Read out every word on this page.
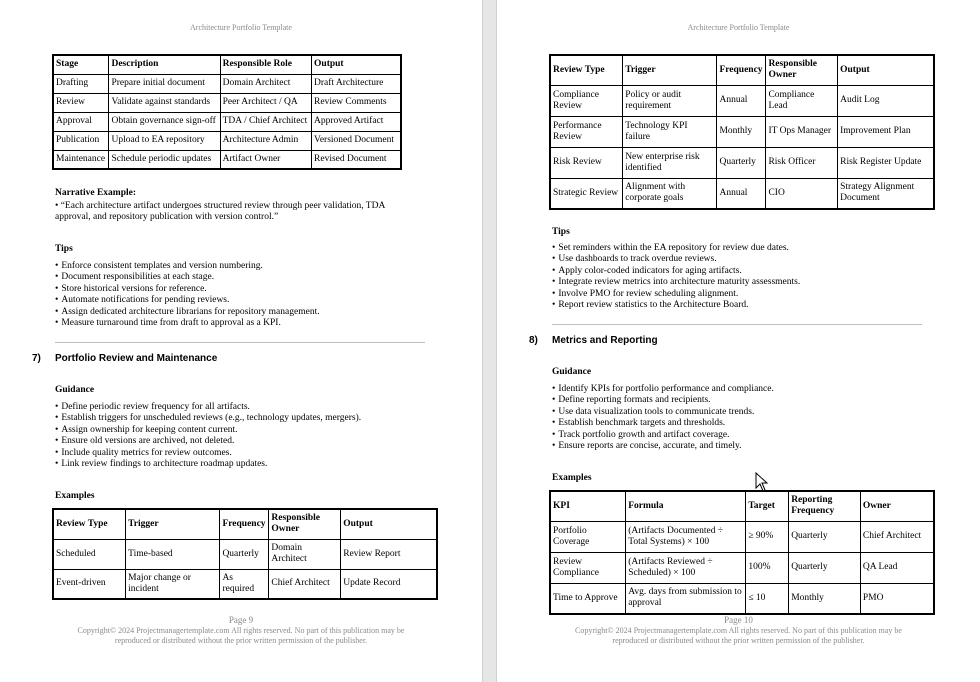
Architecture Portfolio Template
Stage	Description	Responsible Role	Output
Drafting	Prepare initial document	Domain Architect	Draft Architecture
Review	Validate against standards	Peer Architect / QA	Review Comments
Approval	Obtain governance sign-off	TDA / Chief Architect	Approved Artifact
Publication	Upload to EA repository	Architecture Admin	Versioned Document
Maintenance	Schedule periodic updates	Artifact Owner	Revised Document
Narrative Example:
• “Each architecture artifact undergoes structured review through peer validation, TDA
approval, and repository publication with version control.”
Tips
• Enforce consistent templates and version numbering.
• Document responsibilities at each stage.
• Store historical versions for reference.
• Automate notifications for pending reviews.
• Assign dedicated architecture librarians for repository management.
• Measure turnaround time from draft to approval as a KPI.
7) Portfolio Review and Maintenance
Guidance
• Define periodic review frequency for all artifacts.
• Establish triggers for unscheduled reviews (e.g., technology updates, mergers).
• Assign ownership for keeping content current.
• Ensure old versions are archived, not deleted.
• Include quality metrics for review outcomes.
• Link review findings to architecture roadmap updates.
Examples
Review Type	Trigger	Frequency	Responsible Owner	Output
Scheduled	Time-based	Quarterly	Domain Architect	Review Report
Event-driven	Major change or incident	As required	Chief Architect	Update Record
Page 9
Copyright© 2024 Projectmanagertemplate.com All rights reserved. No part of this publication may be
reproduced or distributed without the prior written permission of the publisher.
Architecture Portfolio Template
Review Type	Trigger	Frequency	Responsible Owner	Output
Compliance Review	Policy or audit requirement	Annual	Compliance Lead	Audit Log
Performance Review	Technology KPI failure	Monthly	IT Ops Manager	Improvement Plan
Risk Review	New enterprise risk identified	Quarterly	Risk Officer	Risk Register Update
Strategic Review	Alignment with corporate goals	Annual	CIO	Strategy Alignment Document
Tips
• Set reminders within the EA repository for review due dates.
• Use dashboards to track overdue reviews.
• Apply color-coded indicators for aging artifacts.
• Integrate review metrics into architecture maturity assessments.
• Involve PMO for review scheduling alignment.
• Report review statistics to the Architecture Board.
8) Metrics and Reporting
Guidance
• Identify KPIs for portfolio performance and compliance.
• Define reporting formats and recipients.
• Use data visualization tools to communicate trends.
• Establish benchmark targets and thresholds.
• Track portfolio growth and artifact coverage.
• Ensure reports are concise, accurate, and timely.
Examples
KPI	Formula	Target	Reporting Frequency	Owner
Portfolio Coverage	(Artifacts Documented ÷ Total Systems) × 100	≥ 90%	Quarterly	Chief Architect
Review Compliance	(Artifacts Reviewed ÷ Scheduled) × 100	100%	Quarterly	QA Lead
Time to Approve	Avg. days from submission to approval	≤ 10	Monthly	PMO
Page 10
Copyright© 2024 Projectmanagertemplate.com All rights reserved. No part of this publication may be
reproduced or distributed without the prior written permission of the publisher.
